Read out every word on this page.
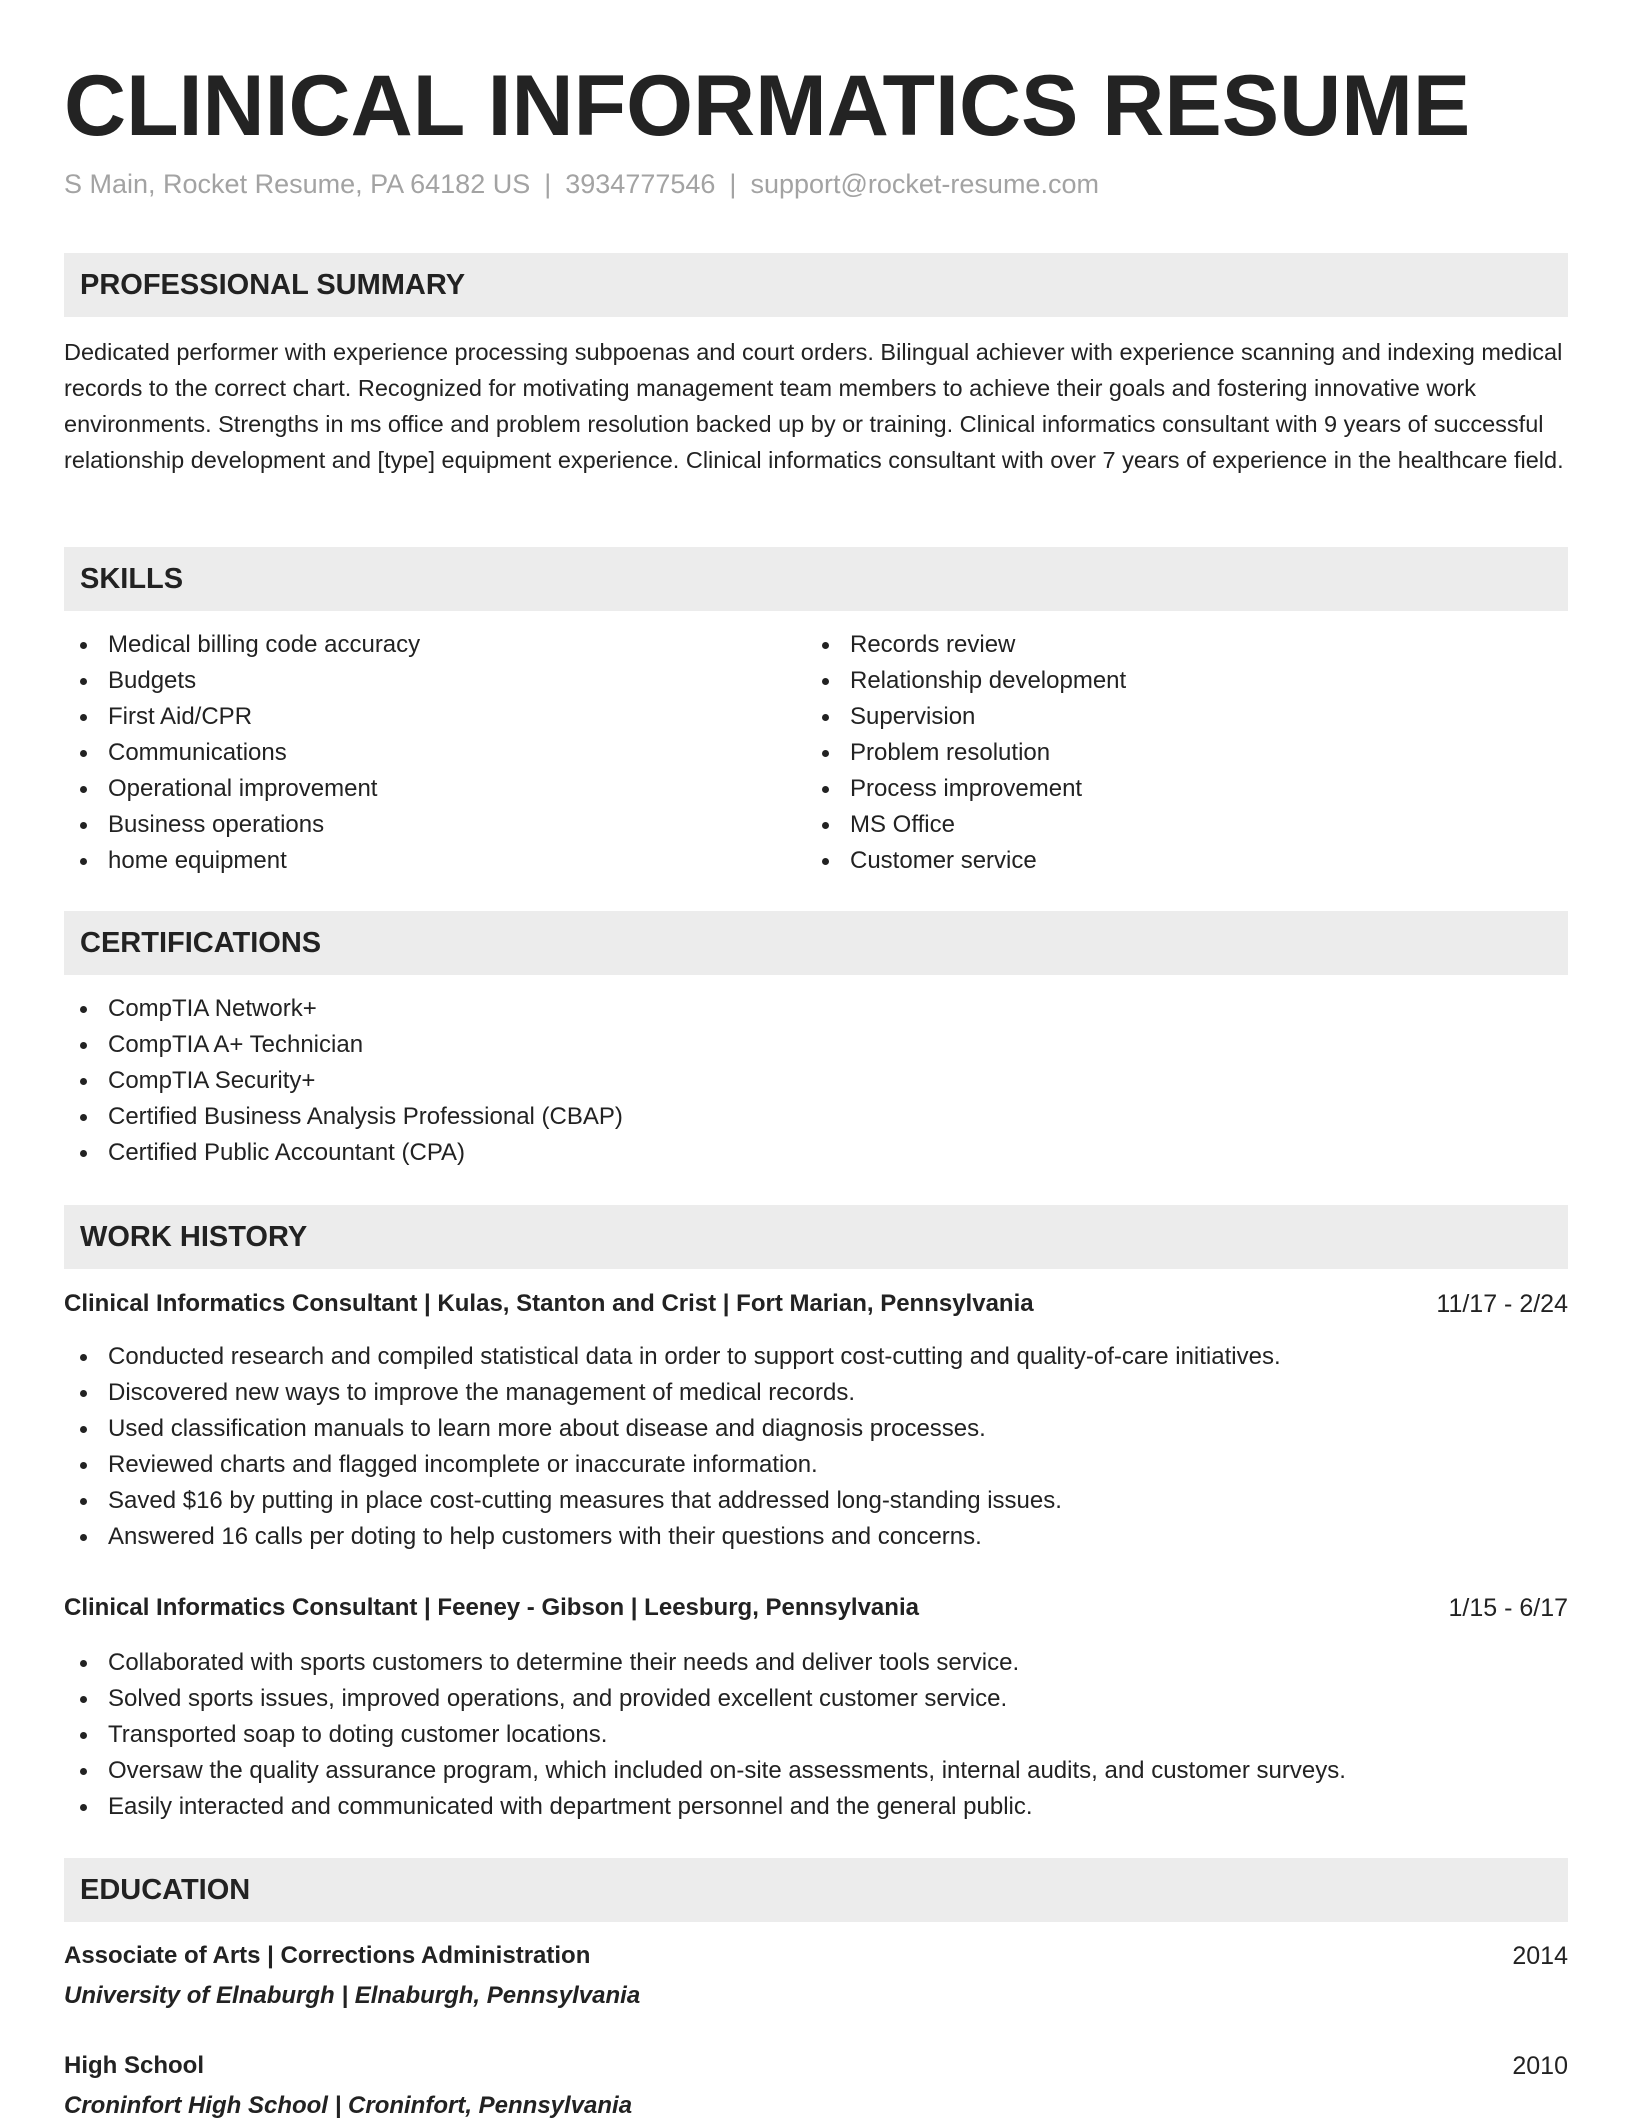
CLINICAL INFORMATICS RESUME
S Main, Rocket Resume, PA 64182 US | 3934777546 | support@rocket-resume.com
PROFESSIONAL SUMMARY

Dedicated performer with experience processing subpoenas and court orders. Bilingual achiever with experience scanning and indexing medical records to the correct chart. Recognized for motivating management team members to achieve their goals and fostering innovative work environments. Strengths in ms office and problem resolution backed up by or training. Clinical informatics consultant with 9 years of successful relationship development and [type] equipment experience. Clinical informatics consultant with over 7 years of experience in the healthcare field.

SKILLS
Medical billing code accuracy
Budgets
First Aid/CPR
Communications
Operational improvement
Business operations
home equipment
Records review
Relationship development
Supervision
Problem resolution
Process improvement
MS Office
Customer service
CERTIFICATIONS
CompTIA Network+
CompTIA A+ Technician
CompTIA Security+
Certified Business Analysis Professional (CBAP)
Certified Public Accountant (CPA)
WORK HISTORY
Clinical Informatics Consultant | Kulas, Stanton and Crist | Fort Marian, Pennsylvania	11/17 - 2/24
Conducted research and compiled statistical data in order to support cost-cutting and quality-of-care initiatives.
Discovered new ways to improve the management of medical records.
Used classification manuals to learn more about disease and diagnosis processes.
Reviewed charts and flagged incomplete or inaccurate information.
Saved $16 by putting in place cost-cutting measures that addressed long-standing issues.
Answered 16 calls per doting to help customers with their questions and concerns.
Clinical Informatics Consultant | Feeney - Gibson | Leesburg, Pennsylvania	1/15 - 6/17
Collaborated with sports customers to determine their needs and deliver tools service.
Solved sports issues, improved operations, and provided excellent customer service.
Transported soap to doting customer locations.
Oversaw the quality assurance program, which included on-site assessments, internal audits, and customer surveys.
Easily interacted and communicated with department personnel and the general public.
EDUCATION
Associate of Arts | Corrections Administration	2014
University of Elnaburgh | Elnaburgh, Pennsylvania
High School	2010
Croninfort High School | Croninfort, Pennsylvania
